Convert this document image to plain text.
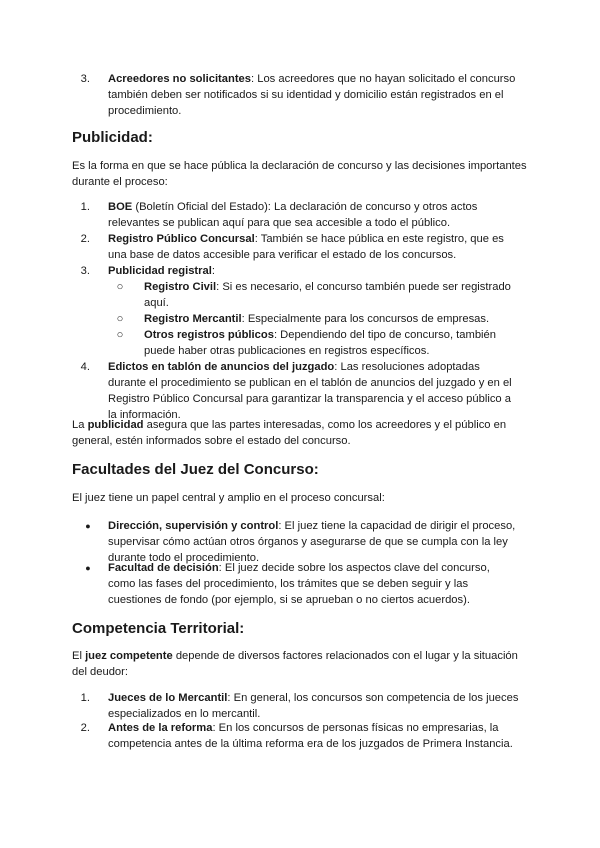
3. Acreedores no solicitantes: Los acreedores que no hayan solicitado el concurso también deben ser notificados si su identidad y domicilio están registrados en el procedimiento.
Publicidad:

Es la forma en que se hace pública la declaración de concurso y las decisiones importantes durante el proceso:

1. BOE (Boletín Oficial del Estado): La declaración de concurso y otros actos relevantes se publican aquí para que sea accesible a todo el público.
2. Registro Público Concursal: También se hace pública en este registro, que es una base de datos accesible para verificar el estado de los concursos.
3. Publicidad registral:
○ Registro Civil: Si es necesario, el concurso también puede ser registrado aquí.
○ Registro Mercantil: Especialmente para los concursos de empresas.
○ Otros registros públicos: Dependiendo del tipo de concurso, también puede haber otras publicaciones en registros específicos.
4. Edictos en tablón de anuncios del juzgado: Las resoluciones adoptadas durante el procedimiento se publican en el tablón de anuncios del juzgado y en el Registro Público Concursal para garantizar la transparencia y el acceso público a la información.

La publicidad asegura que las partes interesadas, como los acreedores y el público en general, estén informados sobre el estado del concurso.

Facultades del Juez del Concurso:

El juez tiene un papel central y amplio en el proceso concursal:

● Dirección, supervisión y control: El juez tiene la capacidad de dirigir el proceso, supervisar cómo actúan otros órganos y asegurarse de que se cumpla con la ley durante todo el procedimiento.
● Facultad de decisión: El juez decide sobre los aspectos clave del concurso, como las fases del procedimiento, los trámites que se deben seguir y las cuestiones de fondo (por ejemplo, si se aprueban o no ciertos acuerdos).
Competencia Territorial:

El juez competente depende de diversos factores relacionados con el lugar y la situación del deudor:

1. Jueces de lo Mercantil: En general, los concursos son competencia de los jueces especializados en lo mercantil.
2. Antes de la reforma: En los concursos de personas físicas no empresarias, la competencia antes de la última reforma era de los juzgados de Primera Instancia.
